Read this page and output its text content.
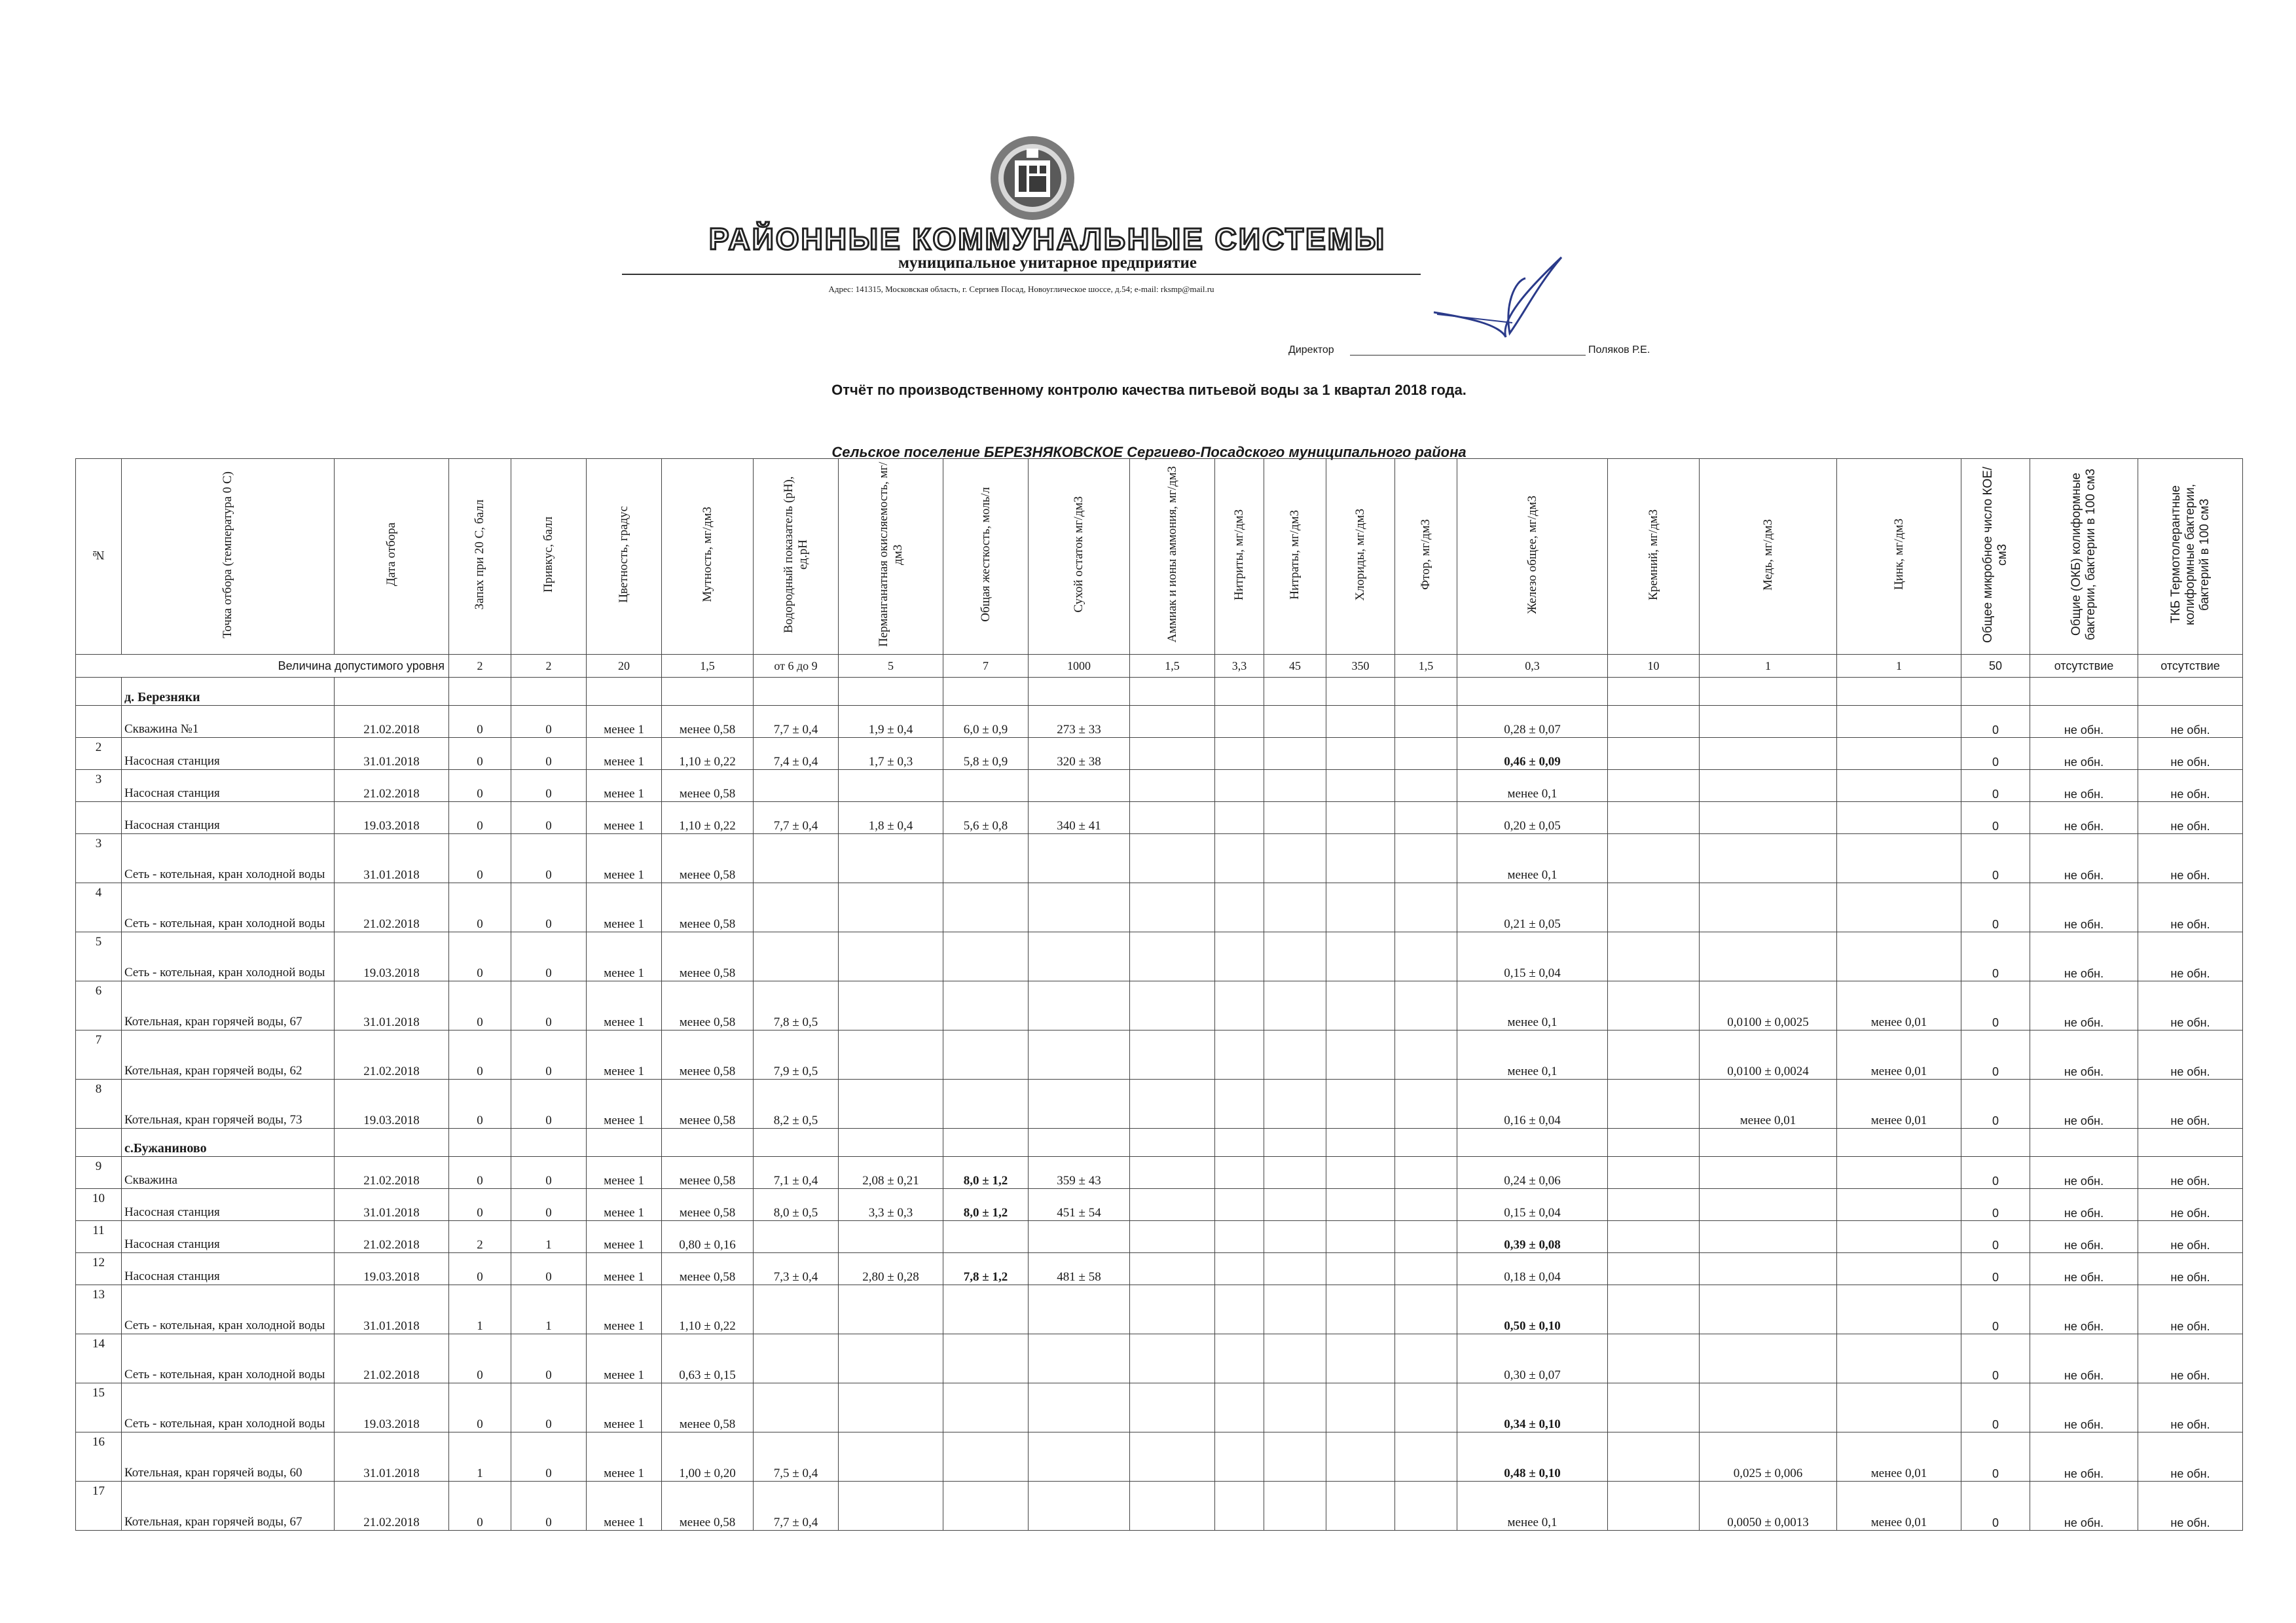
РАЙОННЫЕ КОММУНАЛЬНЫЕ СИСТЕМЫ
муниципальное унитарное предприятие
Адрес: 141315, Московская область, г. Сергиев Посад, Новоуглическое шоссе, д.54; e-mail: rksmp@mail.ru
Директор	Поляков Р.Е.
Отчёт по производственному контролю качества питьевой воды за 1 квартал 2018 года.
Сельское поселение БЕРЕЗНЯКОВСКОЕ Сергиево-Посадского муниципального района
№	Точка отбора (температура 0 С)	Дата отбора	Запах при 20 С, балл	Привкус, балл	Цветность, градус	Мутность, мг/дм3	Водородный показатель (pH), ед.pH	Перманганатная окисляемость, мг/дм3	Общая жесткость, моль/л	Сухой остаток мг/дм3	Аммиак и ионы аммония, мг/дм3	Нитриты, мг/дм3	Нитраты, мг/дм3	Хлориды, мг/дм3	Фтор, мг/дм3	Железо общее, мг/дм3	Кремний, мг/дм3	Медь, мг/дм3	Цинк, мг/дм3	Общее микробное число КОЕ/см3	Общие (ОКБ) колиформные бактерии, бактерии в 100 см3	ТКБ Термотолерантные колиформные бактерии, бактерий в 100 см3
Величина допустимого уровня			2	2	20	1,5	от 6 до 9	5	7	1000	1,5	3,3	45	350	1,5	0,3	10	1	1	50	отсутствие	отсутствие
	д. Березняки																					
	Скважина №1	21.02.2018	0	0	менее 1	менее 0,58	7,7 ± 0,4	1,9 ± 0,4	6,0 ± 0,9	273 ± 33						0,28 ± 0,07				0	не обн.	не обн.
2	Насосная станция	31.01.2018	0	0	менее 1	1,10 ± 0,22	7,4 ± 0,4	1,7 ± 0,3	5,8 ± 0,9	320 ± 38						0,46 ± 0,09				0	не обн.	не обн.
3	Насосная станция	21.02.2018	0	0	менее 1	менее 0,58										менее 0,1				0	не обн.	не обн.
	Насосная станция	19.03.2018	0	0	менее 1	1,10 ± 0,22	7,7 ± 0,4	1,8 ± 0,4	5,6 ± 0,8	340 ± 41						0,20 ± 0,05				0	не обн.	не обн.
3	Сеть - котельная, кран холодной воды	31.01.2018	0	0	менее 1	менее 0,58										менее 0,1				0	не обн.	не обн.
4	Сеть - котельная, кран холодной воды	21.02.2018	0	0	менее 1	менее 0,58										0,21 ± 0,05				0	не обн.	не обн.
5	Сеть - котельная, кран холодной воды	19.03.2018	0	0	менее 1	менее 0,58										0,15 ± 0,04				0	не обн.	не обн.
6	Котельная, кран горячей воды, 67	31.01.2018	0	0	менее 1	менее 0,58	7,8 ± 0,5									менее 0,1		0,0100 ± 0,0025	менее 0,01	0	не обн.	не обн.
7	Котельная, кран горячей воды, 62	21.02.2018	0	0	менее 1	менее 0,58	7,9 ± 0,5									менее 0,1		0,0100 ± 0,0024	менее 0,01	0	не обн.	не обн.
8	Котельная, кран горячей воды, 73	19.03.2018	0	0	менее 1	менее 0,58	8,2 ± 0,5									0,16 ± 0,04		менее 0,01	менее 0,01	0	не обн.	не обн.
	с.Бужаниново																					
9	Скважина	21.02.2018	0	0	менее 1	менее 0,58	7,1 ± 0,4	2,08 ± 0,21	8,0 ± 1,2	359 ± 43						0,24 ± 0,06				0	не обн.	не обн.
10	Насосная станция	31.01.2018	0	0	менее 1	менее 0,58	8,0 ± 0,5	3,3 ± 0,3	8,0 ± 1,2	451 ± 54						0,15 ± 0,04				0	не обн.	не обн.
11	Насосная станция	21.02.2018	2	1	менее 1	0,80 ± 0,16										0,39 ± 0,08				0	не обн.	не обн.
12	Насосная станция	19.03.2018	0	0	менее 1	менее 0,58	7,3 ± 0,4	2,80 ± 0,28	7,8 ± 1,2	481 ± 58						0,18 ± 0,04				0	не обн.	не обн.
13	Сеть - котельная, кран холодной воды	31.01.2018	1	1	менее 1	1,10 ± 0,22										0,50 ± 0,10				0	не обн.	не обн.
14	Сеть - котельная, кран холодной воды	21.02.2018	0	0	менее 1	0,63 ± 0,15										0,30 ± 0,07				0	не обн.	не обн.
15	Сеть - котельная, кран холодной воды	19.03.2018	0	0	менее 1	менее 0,58										0,34 ± 0,10				0	не обн.	не обн.
16	Котельная, кран горячей воды, 60	31.01.2018	1	0	менее 1	1,00 ± 0,20	7,5 ± 0,4									0,48 ± 0,10		0,025 ± 0,006	менее 0,01	0	не обн.	не обн.
17	Котельная, кран горячей воды, 67	21.02.2018	0	0	менее 1	менее 0,58	7,7 ± 0,4									менее 0,1		0,0050 ± 0,0013	менее 0,01	0	не обн.	не обн.
